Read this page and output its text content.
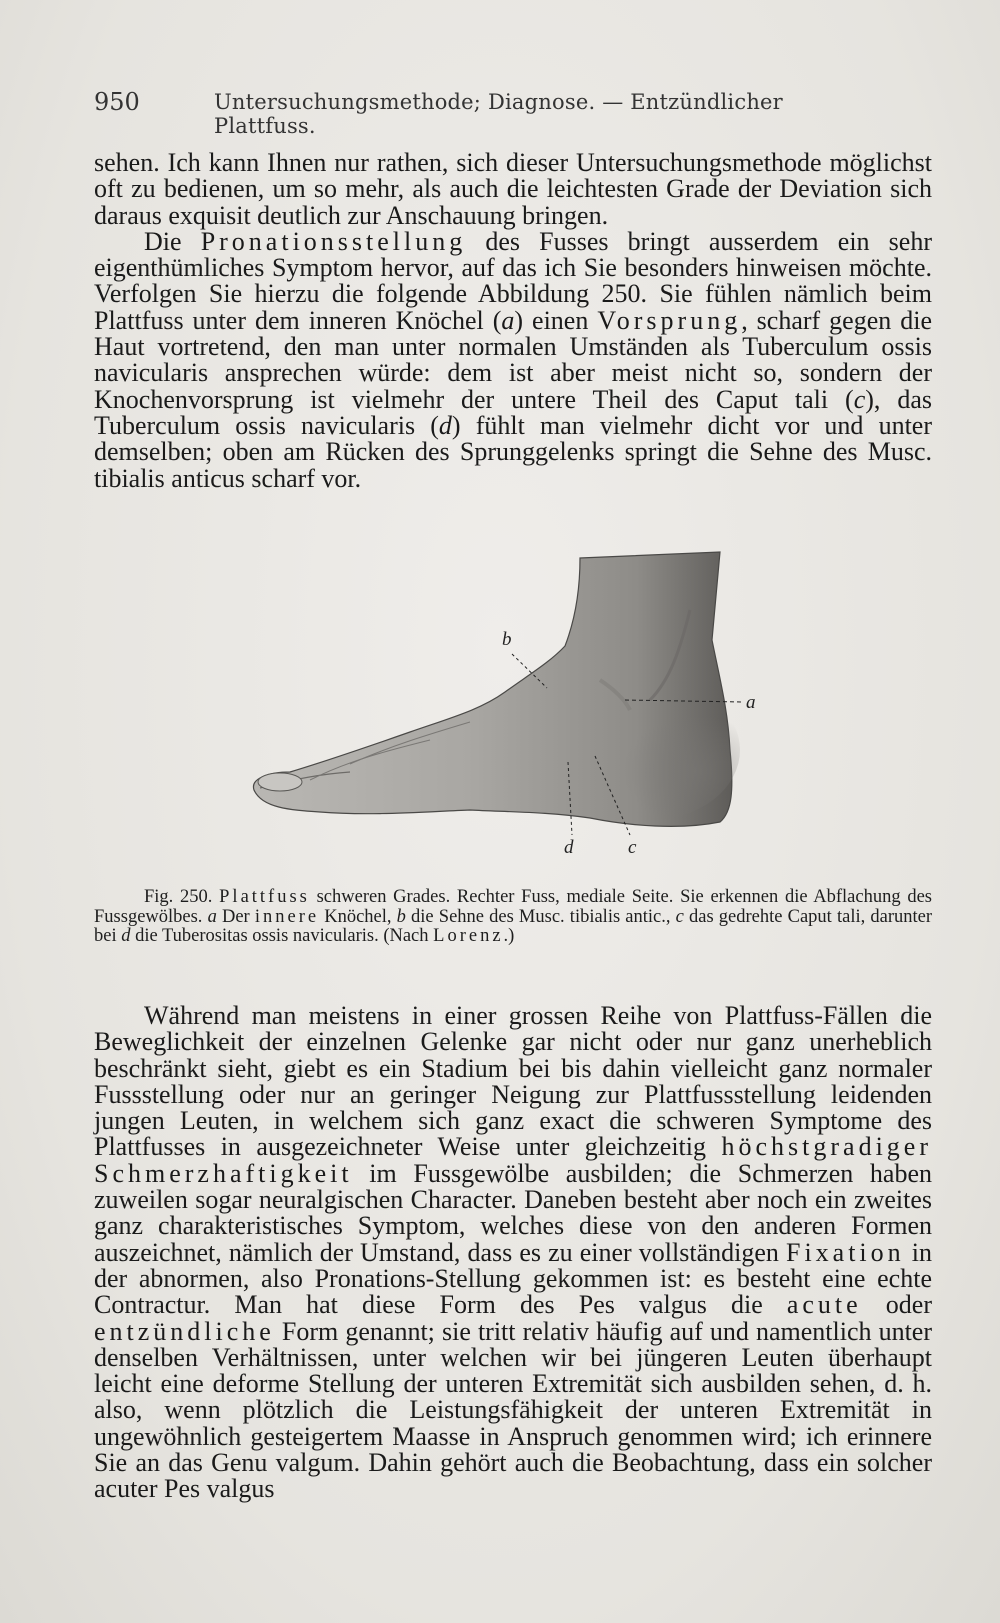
950	Untersuchungsmethode; Diagnose. — Entzündlicher Plattfuss.

sehen. Ich kann Ihnen nur rathen, sich dieser Untersuchungsmethode möglichst oft zu bedienen, um so mehr, als auch die leichtesten Grade der Deviation sich daraus exquisit deutlich zur Anschauung bringen.

Die Pronationsstellung des Fusses bringt ausserdem ein sehr eigenthümliches Symptom hervor, auf das ich Sie besonders hinweisen möchte. Verfolgen Sie hierzu die folgende Abbildung 250. Sie fühlen nämlich beim Plattfuss unter dem inneren Knöchel (a) einen Vorsprung, scharf gegen die Haut vortretend, den man unter normalen Umständen als Tuberculum ossis navicularis ansprechen würde: dem ist aber meist nicht so, sondern der Knochenvorsprung ist vielmehr der untere Theil des Caput tali (c), das Tuberculum ossis navicularis (d) fühlt man vielmehr dicht vor und unter demselben; oben am Rücken des Sprunggelenks springt die Sehne des Musc. tibialis anticus scharf vor.

b
a
d	c

Fig. 250. Plattfuss schweren Grades. Rechter Fuss, mediale Seite. Sie erkennen die Abflachung des Fussgewölbes. a Der innere Knöchel, b die Sehne des Musc. tibialis antic., c das gedrehte Caput tali, darunter bei d die Tuberositas ossis navicularis. (Nach Lorenz.)

Während man meistens in einer grossen Reihe von Plattfuss-Fällen die Beweglichkeit der einzelnen Gelenke gar nicht oder nur ganz unerheblich beschränkt sieht, giebt es ein Stadium bei bis dahin vielleicht ganz normaler Fussstellung oder nur an geringer Neigung zur Plattfussstellung leidenden jungen Leuten, in welchem sich ganz exact die schweren Symptome des Plattfusses in ausgezeichneter Weise unter gleichzeitig höchstgradiger Schmerzhaftigkeit im Fussgewölbe ausbilden; die Schmerzen haben zuweilen sogar neuralgischen Character. Daneben besteht aber noch ein zweites ganz charakteristisches Symptom, welches diese von den anderen Formen auszeichnet, nämlich der Umstand, dass es zu einer vollständigen Fixation in der abnormen, also Pronations-Stellung gekommen ist: es besteht eine echte Contractur. Man hat diese Form des Pes valgus die acute oder entzündliche Form genannt; sie tritt relativ häufig auf und namentlich unter denselben Verhältnissen, unter welchen wir bei jüngeren Leuten überhaupt leicht eine deforme Stellung der unteren Extremität sich ausbilden sehen, d. h. also, wenn plötzlich die Leistungsfähigkeit der unteren Extremität in ungewöhnlich gesteigertem Maasse in Anspruch genommen wird; ich erinnere Sie an das Genu valgum. Dahin gehört auch die Beobachtung, dass ein solcher acuter Pes valgus
